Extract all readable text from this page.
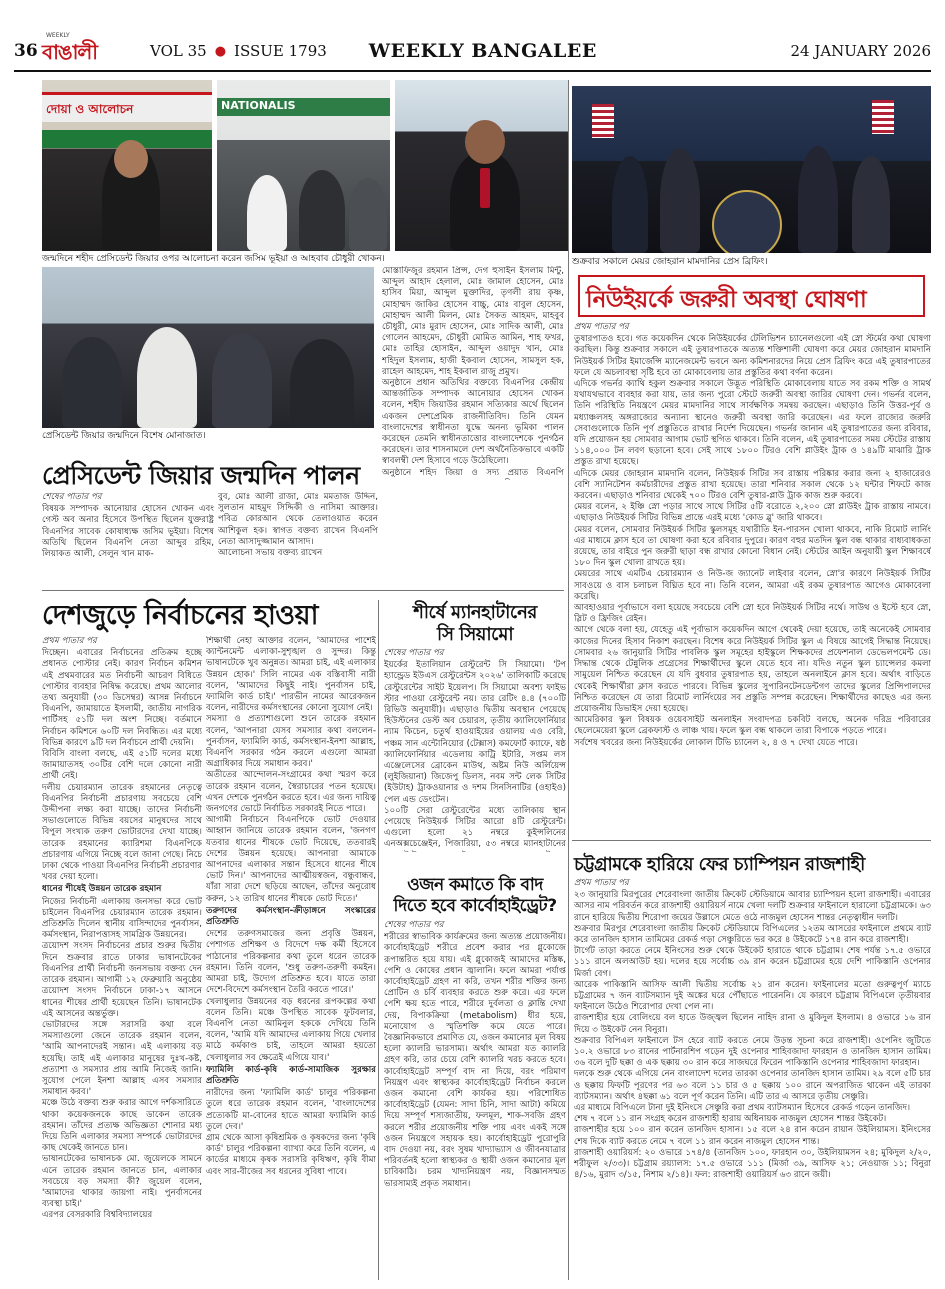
36
WEEKLY
বাঙালী	VOL 35 ● ISSUE 1793 WEEKLY BANGALEE	24 JANUARY 2026
দোয়া ও আলোচন	NATIONALIS
জন্মদিনে শহীদ প্রেসিডেন্ট জিয়ার ওপর আলোচনা করেন জসিম ভূইয়া ও আহবাব চৌধুরী খোকন।
প্রেসিডেন্ট জিয়ার জন্মদিনে বিশেষ মোনাজাত।
শুক্রবার সকালে মেয়র জোহরান মামদানির প্রেস ব্রিফিং।

মোস্তাফিজুর রহমান প্রিন্স, দেগ হুসাইন ইসলাম মিন্টু, আব্দুল আহাদ হেলাল, মোঃ জামাল হোসেন, মোঃ হাসিব মিয়া, আব্দুল মুক্তাদির, তৃণলী রায় কৃষ্ণ, মোহাম্মদ জাকির হোসেন বাচ্চু, মোঃ বাবুল হোসেন, মোহাম্মদ আলী মিলন, মোঃ সৈকত আহমদ, মাহবুব চৌধুরী, মোঃ মুরাদ হোসেন, মোঃ সাদিক আলী, মোঃ গোলেন আহমেদ, চৌধুরী মোমিত আমিন, শাহ ফখর, মোঃ তাহির হোসাইন, আব্দুল ওয়াদুদ খান, মোঃ শহিদুল ইসলাম, হাজী ইকবাল হোসেন, সামসুল হক, রাহেল আহমেদ, শাহ ইকবাল রাজু প্রমুখ।
অনুষ্ঠানে প্রধান অতিথির বক্তব্যে বিএনপির কেন্দ্রীয় আন্তর্জাতিক সম্পাদক আনোয়ার হোসেন খোকন বলেন, শহীদ জিয়াউর রহমান সত্যিকার অর্থে ছিলেন একজন দেশপ্রেমিক রাজনীতিবিদ। তিনি যেমন বাংলাদেশের স্বাধীনতা যুদ্ধে অনন্য ভূমিকা পালন করেছেন তেমনি স্বাধীনতাত্তোর বাংলাদেশকে পুনর্গঠন করেছেন। তার শাসনামলে দেশ অর্থনৈতিকভাবে একটি স্বাবলম্বী দেশ হিসাবে গড়ে উঠেছিলো।
অনুষ্ঠানে শহিদ জিয়া ও সদ্য প্রয়াত বিএনপি

প্রেসিডেন্ট জিয়ার জন্মদিন পালন

শেষের পাতার পর

বিষয়ক সম্পাদক আনোয়ার হোসেন খোকন এবং গেস্ট অব অনার হিসেবে উপস্থিত ছিলেন যুক্তরাষ্ট্র বিএনপির সাবেক কোষাধ্যক্ষ জসিম ভূইয়া। বিশেষ অতিথি ছিলেন বিএনপি নেতা আব্দুর রহিম, লিয়াকত আলী, সেলুন খান মাক-

বুব, মোঃ আলী রাজা, মোঃ মমতাজ উদ্দিন, সুলতান মাহমুদ সিদ্দিকী ও নাসিমা আক্তার। পবিত্র কোরআন থেকে তেলাওয়াত করেন আশিকুল হক। স্বাগত বক্তব্য রাখেন বিএনপি নেতা আসাদুজ্জামান আসাদ।
আলোচনা সভায় বক্তব্য রাখেন

দেশজুড়ে নির্বাচনের হাওয়া

প্রথম পাতার পর

দিচ্ছেন। এবারের নির্বাচনের প্রতিক্রম হচ্ছে প্রধানত পোস্টার নেই। কারণ নির্বাচন কমিশন এই প্রথমবারের মত নির্বাচনী আচরণ বিধিতে পোস্টার ব্যবহার নিষিদ্ধ করেছে। প্রথম আলোর তথ্য অনুযায়ী (৩০ ডিসেম্বর) আসন্ন নির্বাচনে বিএনপি, জামায়াতে ইসলামী, জাতীয় নাগরিক পার্টিসহ ৫১টি দল অংশ নিচ্ছে। বর্তমানে নির্বাচন কমিশনে ৬০টি দল নিবন্ধিত। এর মধ্যে বিভিন্ন কারণে ৯টি দল নির্বাচনে প্রার্থী দেয়নি।
বিবিসি বাংলা বলছে, এই ৫১টি দলের মধ্যে জামায়াতসহ ৩০টির বেশি দলে কোনো নারী প্রার্থী নেই।
দলীয় চেয়ারম্যান তারেক রহমানের নেতৃত্বে বিএনপির নির্বাচনী প্রচারণায় সবচেয়ে বেশি উদ্দীপনা লক্ষ্য করা যাচ্ছে। তাদের নির্বাচনী সভাগুলোতে বিভিন্ন বয়সের মানুষদের সাথে বিপুল সংখ্যক তরুণ ভোটারদের দেখা যাচ্ছে। তারেক রহমানের ক্যারিশমা বিএনপিকে প্রচারণায় এগিয়ে নিচ্ছে বলে জানা গেছে। নিচে ঢাকা থেকে পাওয়া বিএনপির নির্বাচনী প্রচারণার খবর দেয়া হলো।

ধানের শীষেই উন্নয়ন তারেক রহমান

নিজের নির্বাচনী এলাকায় জনসভা করে ভোট চাইলেন বিএনপির চেয়ারম্যান তারেক রহমান। প্রতিশ্রুতি দিলেন স্থানীয় বাসিন্দাদের পুনর্বাসন, কর্মসংস্থান, নিরাপত্তাসহ সামগ্রিক উন্নয়নের।
ত্রয়োদশ সংসদ নির্বাচনের প্রচার শুরুর দ্বিতীয় দিনে শুক্রবার রাতে ঢাকার ভাষানটেকের বিএনপির প্রার্থী নির্বাচনী জনসভায় বক্তব্য দেন তারেক রহমান। আগামী ১২ ফেব্রুয়ারি অনুষ্ঠেয় ত্রয়োদশ সংসদ নির্বাচনে ঢাকা-১৭ আসনে ধানের শীষের প্রার্থী হয়েছেন তিনি। ভাষানটেক এই আসনের অন্তর্ভুক্ত।
ভোটারদের সঙ্গে সরাসরি কথা বলে সমস্যাগুলো জেনে তারেক রহমান বলেন, 'আমি আপনাদেরই সন্তান। এই এলাকায় বড় হয়েছি। তাই এই এলাকার মানুষের দুঃখ-কষ্ট, প্রত্যাশা ও সমস্যার প্রায় আমি নিজেই জানি। সুযোগ পেলে ইনশা আল্লাহ এসব সমস্যার সমাধান করব।'
মঞ্চে উঠে বক্তব্য শুরু করার আগে দর্শকসারিতে থাকা কয়েকজনকে কাছে ডাকেন তারেক রহমান। তাঁদের প্রত্যক্ষ অভিজ্ঞতা শোনার মধ্য দিয়ে তিনি এলাকার সমস্যা সম্পর্কে ভোটারদের কাছ থেকেই জানতে চান।
ভাষানটেকের ভাষানচক মো. জুয়েলকে সামনে এনে তারেক রহমান জানতে চান, এলাকার সবচেয়ে বড় সমস্যা কী? জুয়েল বলেন, 'আমাদের থাকার জায়গা নাই। পুনর্বাসনের ব্যবস্থা চাই।'
এরপর বেসরকারি বিশ্ববিদ্যালয়ের

শিক্ষার্থী নেহা আক্তার বলেন, 'আমাদের পাশেই ক্যান্টনমেন্ট এলাকা-সুশৃঙ্খল ও সুন্দর। কিন্তু ভাষানটেকে খুব অনুন্নত। আমরা চাই, এই এলাকার উন্নয়ন হোক।' সিলি নামের এক বস্তিবাসী নারী বলেন, 'আমাদের কিছুই নাই। পুনর্বাসন চাই, ফ্যামিলি কার্ড চাই।' পারভীন নামের আরেকজন বলেন, নারীদের কর্মসংস্থানের কোনো সুযোগ নেই।
সমস্যা ও প্রত্যাশাগুলো শুনে তারেক রহমান বলেন, 'আপনারা যেসব সমস্যার কথা বললেন-পুনর্বাসন, ফ্যামিলি কার্ড, কর্মসংস্থান-ইনশা আল্লাহ, বিএনপি সরকার গঠন করলে এগুলো আমরা অগ্রাধিকার দিয়ে সমাধান করব।'
অতীতের আন্দোলন-সংগ্রামের কথা স্মরণ করে তারেক রহমান বলেন, স্বৈরাচারের পতন হয়েছে। এখন দেশকে পুনর্গঠন করতে হবে। এর জন্য দায়িত্ব জনগণের ভোটে নির্বাচিত সরকারই নিতে পারে।
আগামী নির্বাচনে বিএনপিকে ভোট দেওয়ার আহ্বান জানিয়ে তারেক রহমান বলেন, 'জনগণ যতবার ধানের শীষকে ভোট দিয়েছে, ততবারই দেশের উন্নয়ন হয়েছে। আপনারা আমাকে আপনাদের এলাকার সন্তান হিসেবে ধানের শীষে ভোট দিন।' আপনাদের আত্মীয়স্বজন, বন্ধুবান্ধব, যাঁরা সারা দেশে ছড়িয়ে আছেন, তাঁদের অনুরোধ করুন, ১২ তারিখ ধানের শীষকে ভোট দিতে।'

তরুণদের কর্মসংস্থান-ক্রীড়াঙ্গনে সংস্কারের প্রতিশ্রুতি

দেশের তরুণসমাজের জন্য প্রবৃত্তি উন্নয়ন, পেশাগত প্রশিক্ষণ ও বিদেশে দক্ষ কর্মী হিসেবে পাঠানোর পরিকল্পনার কথা তুলে ধরেন তারেক রহমান। তিনি বলেন, 'শুধু তরুণ-তরুণী কমইন। আমরা চাই, উদ্যেগ প্রতিশ্রুত হবে। যাতে তারা দেশে-বিদেশে কর্মসংস্থান তৈরি করতে পারে।'
খেলাধুলার উন্নয়নের বড় ধরনের রূপকল্পের কথা বলেন তিনি। মঞ্চে উপস্থিত সাবেক ফুটবলার, বিএনপি নেতা আমিনুল হককে দেখিয়ে তিনি বলেন, 'আমি যদি আমাদের এলাকায় গিয়ে খেলার মাঠে কর্মকাণ্ড চাই, তাহলে আমরা হয়তো খেলাধুলার সব ক্ষেত্রেই এগিয়ে যাব।'

ফ্যামিলি কার্ড-কৃষি কার্ড-সামাজিক সুরক্ষার প্রতিশ্রুতি

নারীদের জন্য 'ফ্যামিলি কার্ড' চালুর পরিকল্পনা তুলে ধরে তারেক রহমান বলেন, 'বাংলাদেশের প্রত্যেকটি মা-বোনের হাতে আমরা ফ্যামিলি কার্ড তুলে দেব।'
গ্রাম থেকে আসা কৃষিশ্রমিক ও কৃষকদের জন্য 'কৃষি কার্ড' চালুর পরিকল্পনা ব্যাখ্যা করে তিনি বলেন, এ কার্ডের মাধ্যমে কৃষক সরাসরি কৃষিঋণ, কৃষি বীমা এবং সার-বীজের সব ধরনের সুবিধা পাবে।

শীর্ষে ম্যানহাটানের
সি সিয়ামো

শেষের পাতার পর

ইয়র্কের ইতালিয়ান রেস্টুরেন্ট সি সিয়ামো। 'টপ হ্যান্ড্রেড ইউএস রেস্টুরেন্টস ২০২৬' তালিকাটি করেছে রেস্টুরেন্টের সাইট ইয়েলপ। সি সিয়ামো অবশ্য ফাইভ স্টার পাওয়া রেস্টুরেন্ট নয়। তার রেটিং ৪.৪ (৭০০টি রিভিউ অনুযায়ী)। এছাড়াও দ্বিতীয় অবস্থান পেয়েছে হিউস্টনের ডেস্ট অব চেয়ারস, তৃতীয় ক্যালিফোর্নিয়ার ন্যাম কিচেন, চতুর্থ হাওয়াইয়ের ওয়ালয় এও বেরি, পঞ্চম সান এন্টোনিয়োর (টেক্সাস) কমফোর্ট ক্যাফে, ষষ্ঠ ক্যালিফোর্নিয়ার এডেলায় কাট্রি ইটারি, সপ্তম লস এঞ্জেলেসের ব্রোকেন মাউথ, অষ্টম নিউ অর্লিয়েন্স (লুইজিয়ানা) জিজেপু ডিলস, নবম সন্ট লেক সিটির (ইউটাহ) ট্রাকওয়ানার ও দশম সিনসিনাটির (ওহাইও) পেল এন্ড ডেংটেন।
১০০টি সেরা রেস্টুরেন্টের মধ্যে তালিকায় স্থান পেয়েছে নিউইয়র্ক সিটির আরো ৪টি রেস্টুরেন্ট। এগুলো হলো ২১ নম্বরে কুইন্সলিনের এনঅক্সচেঞ্জেইন, পিজারিয়া, ৫৩ নম্বরে ম্যানহাটানের

ওজন কমাতে কি বাদ
দিতে হবে কার্বোহাইড্রেট?

শেষের পাতার পর

শরীরের স্বাভাবিক কার্যক্রমের জন্য অত্যন্ত প্রয়োজনীয়। কার্বোহাইড্রেট শরীরে প্রবেশ করার পর গ্লুকোজে রূপান্তরিত হয়ে যায়। এই গ্লুকোজই আমাদের মস্তিষ্ক, পেশি ও কোষের প্রধান জ্বালানি। ফলে আমরা পর্যাপ্ত কার্বোহাইড্রেট গ্রহণ না করি, তখন শরীর শক্তির জন্য প্রোটিন ও চর্বি ব্যবহার করতে শুরু করে। এর ফলে পেশি ক্ষয় হতে পারে, শরীরে দুর্বলতা ও ক্লান্তি দেখা দেয়, বিপাকক্রিয়া (metabolism) ধীর হয়ে, মনোযোগ ও স্মৃতিশক্তি কমে যেতে পারে। বৈজ্ঞানিকভাবে প্রমাণিত যে, ওজন কমানোর মূল বিষয় হলো ক্যালরি ভারসাম্য। অর্থাৎ আমরা যত ক্যালরি গ্রহণ করি, তার চেয়ে বেশি ক্যালরি খরচ করতে হবে। কার্বোহাইড্রেট সম্পূর্ণ বাদ না দিয়ে, বরং পরিমাণ নিয়ন্ত্রণ এবং স্বাস্থ্যকর কার্বোহাইড্রেট নির্বাচন করলে ওজন কমানো বেশি কার্যকর হয়। পরিশোধিত কার্বোহাইড্রেট (যেমন: সাদা চিনি, সাদা আটা) কমিয়ে দিয়ে সম্পূর্ণ শস্যজাতীয়, ফলমূল, শাক-সবজি গ্রহণ করলে শরীর প্রয়োজনীয় শক্তি পায় এবং একই সঙ্গে ওজন নিয়ন্ত্রণে সহায়ক হয়। কার্বোহাইড্রেট পুরোপুরি বাদ দেওয়া নয়, বরং সুষম খাদ্যাভ্যাস ও জীবনযাত্রার পরিবর্তনই হলো স্বাস্থ্যকর ও স্থায়ী ওজন কমানোর মূল চাবিকাঠি। চরম খাদ্যনিয়ন্ত্রণ নয়, বিজ্ঞানসম্মত ভারসাম্যই প্রকৃত সমাধান।

নিউইয়র্কে জরুরী অবস্থা ঘোষণা

প্রথম পাতার পর

তুষারপাতও হবে। গত কয়েকদিন থেকে নিউইয়র্কের টেলিভিশন চ্যানেলগুলো এই স্নো স্টর্মের কথা ঘোষণা করছিল। কিন্তু শুক্রবার সকালে এই তুষারপাতকে অত্যন্ত শক্তিশালী ঘোষণা করে মেয়র জোহরান মামদানি নিউইয়র্ক সিটির ইমার্জেন্সি ম্যানেজমেন্ট ভবনে অন্য কমিশনারদের নিয়ে প্রেস ব্রিফিং করে এই তুষারপাতের ফলে যে অচলাবস্থা সৃষ্টি হবে তা মোকাবেলায় তার প্রস্তুতির কথা বর্ণনা করেন।
এদিকে গভর্নর ক্যাথি হকুল শুক্রবার সকালে উদ্ভূত পরিস্থিতি মোকাবেলায় যাতে সব রকম শক্তি ও সামর্থ যথাযথভাবে ব্যবহার করা যায়, তার জন্য পুরো স্টেটে জরুরী অবস্থা জারির ঘোষণা দেন। গভর্নর বলেন, তিনি পরিস্থিতি নিয়ন্ত্রণে মেয়র মামদানির সাথে সার্বক্ষণিক সমন্বয় করছেন। এছাড়াও তিনি উত্তর-পূর্ব ও মধ্যাঞ্চলসহ অঙ্গরাজ্যের অন্যান্য স্থানেও জরুরী অবস্থা জারি করেছেন। এর ফলে রাজ্যের জরুরি সেবাগুলোকে তিনি পূর্ণ প্রস্তুতিতে রাখার নির্দেশ দিয়েছেন। গভর্নর জানান এই তুষারপাতের জন্য রবিবার, যদি প্রয়োজন হয় সোমবার আগাম ভোট স্থগিত থাকবে। তিনি বলেন, এই তুষারপাতের সময় স্টেটের রাস্তায় ১১৪,০০০ টন লবণ ছড়ানো হবে। সেই সাথে ১৮০০ টিরও বেশি প্লাউইং ট্রাক ও ১৪৯টি মাঝারি ট্রাক প্রস্তুত রাখা হয়েছে।
এদিকে মেয়র জোহরান মামদানি বলেন, নিউইয়র্ক সিটির সব রাস্তায় পরিষ্কার করার জন্য ২ হাজারেরও বেশি স্যানিটেশন কর্মচারীদের প্রস্তুত রাখা হয়েছে। তারা শনিবার সকাল থেকে ১২ ঘন্টার শিফটে কাজ করবেন। এছাড়াও শনিবার থেকেই ৭০০ টিরও বেশি তুষার-প্লাউ ট্রাক কাজ শুরু করবে।
মেয়র বলেন, ২ ইঞ্চি স্নো পড়ার সাথে সাথে সিটির ৫টি বরোতে ২,২০০ স্নো প্লাউইং ট্রাক রাস্তায় নামবে। এছাড়াও নিউইয়র্ক সিটির বিভিন্ন প্রান্তে এরই মধ্যে 'কোড ব্লু' জারি থাকবে।
মেয়র বলেন, সোমবার নিউইয়র্ক সিটির স্কুলসমূহ যথারীতি ইন-পারসন খোলা থাকবে, নাকি রিমোট লার্নিং এর মাধ্যমে ক্লাস হবে তা ঘোষণা করা হবে রবিবার দুপুরে। কারণ বহুর মতদিন স্কুল বন্ধ থাকার বাধ্যবাধকতা রয়েছে, তার বাইরে পুন জরুরী ছাড়া বন্ধ রাখার কোনো বিধান নেই। স্টেটের আইন অনুযায়ী স্কুল শিক্ষাবর্ষে ১৮০ দিন স্কুল খোলা রাখতে হয়।
মেয়রের সাথে এমটিএ চেয়ারম্যান ও নিউ-জ জ্যানেট লাইবার বলেন, স্নো'র কারণে নিউইয়র্ক সিটির সাবওয়ে ও বাস চলাচল বিঘ্নিত হবে না। তিনি বলেন, আমরা এই রকম তুষারপাত আগেও মোকাবেলা করেছি।
আবহাওয়ার পূর্বাভাসে বলা হয়েছে সবচেয়ে বেশি স্নো হবে নিউইয়র্ক সিটির নর্থে। সাউথ ও ইস্টে হবে স্নো, স্লিট ও ফ্রিজিং রেইন।
আগে থেকে বলা হয়, যেহেতু এই পূর্বাভাস কয়েকদিন আগে থেকেই দেয়া হয়েছে, তাই অনেকেই সোমবার কাজের দিনের হিসাব নিকাশ করছেন। বিশেষ করে নিউইয়র্ক সিটির স্কুল এ বিষয়ে আগেই সিদ্ধান্ত নিয়েছে। সোমবার ২৬ জানুয়ারি সিটির পাবলিক স্কুল সমূহের হাইস্কুলে শিক্ষকদের প্রফেশনাল ডেভেলপমেন্ট ডে। সিদ্ধান্ত থেকে টেন্নুলিক প্রগ্রেসের শিক্ষার্থীদের স্কুলে যেতে হবে না। যদিও নতুন স্কুল চ্যান্সেলর কমলা সামুয়েল নিশ্চিত করেছেন যে যদি বুধবার তুষারপাত হয়, তাহলে অনলাইনে ক্লাস হবে। অর্থাৎ বাড়িতে থেকেই শিক্ষার্থীরা ক্লাস করতে পারবে। বিভিন্ন স্কুলের সুপারিনটেনডেন্টগণ তাদের স্কুলের প্রিন্সিপালদের নিশ্চিত করেছেন যে তারা রিমোট লার্নিংয়ের সব প্রস্তুতি সম্পন্ন করেছেন। শিক্ষার্থীদের কাছেও এর জন্য প্রয়োজনীয় ডিভাইস দেয়া হয়েছে।
আমেরিকার স্কুল বিষয়ক ওয়েবসাইট অনলাইন সংবাদপত্র চকবিট বলছে, অনেক দরিদ্র পরিবারের ছেলেমেয়েরা স্কুলে ব্রেকফাস্ট ও লাঞ্চ খায়। ফলে স্কুল বন্ধ থাকলে তারা বিপাকে পড়তে পারে।
সর্বশেষ খবরের জন্য নিউইয়র্কের লোকাল টিভি চ্যানেল ২, ৪ ও ৭ দেখা যেতে পারে।

চট্টগ্রামকে হারিয়ে ফের চ্যাম্পিয়ন রাজশাহী

প্রথম পাতার পর

২৩ জানুয়ারি মিরপুরের শেরেবাংলা জাতীয় ক্রিকেট স্টেডিয়ামে আবার চ্যাম্পিয়ন হলো রাজশাহী। এবারের আসর নাম পরিবর্তন করে রাজশাহী ওয়ারিয়র্স নামে খেলা দলটি শুক্রবার ফাইনালে হারালো চট্টগ্রামকে। ৬৩ রানে হারিয়ে দ্বিতীয় শিরোপা জয়ের উল্লাসে মেতে ওঠে নাজমুল হোসেন শান্তর নেতৃত্বাধীন দলটি।
শুক্রবার মিরপুর শেরেবাংলা জাতীয় ক্রিকেট স্টেডিয়ামে বিপিএলের ১২তম আসরের ফাইনালে প্রথমে ব্যাট করে তানজিদ হাসান তামিমের রেকর্ড গড়া সেঞ্চুরিতে ভর করে ৪ উইকেটে ১৭৪ রান করে রাজশাহী।
টার্গেট তাড়া করতে নেমে ইনিংসের শুরু থেকে উইকেট হারাতে থাকে চট্টগ্রাম। শেষ পর্যন্ত ১৭.৫ ওভারে ১১১ রানে অলআউট হয়। দলের হয়ে সর্বোচ্চ ৩৯ রান করেন চট্টগ্রামের হয়ে দেশি পাকিস্তানি ওপেনার মির্জা বেগ।
আরেক পাকিস্তানি আসিফ আলী দ্বিতীয় সর্বোচ্চ ২১ রান করেন। ফাইনালের মতো গুরুত্বপূর্ণ ম্যাচে চট্টগ্রামের ৭ জন ব্যাটসম্যান দুই অঙ্কের ঘরে পৌঁছাতে পারেননি। যে কারণে চট্টগ্রাম বিপিএলে তৃতীয়বার ফাইনালে উঠেও শিরোপার দেখা পেল না।
রাজশাহীর হয়ে বোলিংয়ে বল হাতে উজ্জ্বল ছিলেন নাহিদ রানা ও মুকিদুল ইসলাম। ৪ ওভারে ১৬ রান দিয়ে ৩ উইকেট নেন বিনুরা।
শুক্রবার বিপিএল ফাইনালে টস হেরে ব্যাট করতে নেমে উড়ন্ত সূচনা করে রাজশাহী। ওপেনিং জুটিতে ১০.২ ওভারে ৮৩ রানের পার্টনারশিপ গড়েন দুই ওপেনার শাহিবজাদা ফারহান ও তানজিদ হাসান তামিম। ৩৬ বলে দুটি ছক্কা ও এক ছক্কায় ৩০ রান করে সাজঘরে ফিরেন পাকিস্তানি ওপেনার শাহিবজাদা ফারহান।
দলকে শুরু থেকে এগিয়ে নেন বাংলাদেশ দলের তারকা ওপেনার তানজিদ হাসান তামিম। ২৯ বলে ৫টি চার ও ছক্কায় ফিফটি পূরণের পর ৬৩ বলে ১১ চার ও ৫ ছক্কায় ১০০ রানে অপরাজিত থাকেন এই তারকা ব্যাটসম্যান। অর্থাৎ ৪ছক্কা ৬১ বলে পূর্ণ করেন তিনি। এটি তার এ আসরে তৃতীয় সেঞ্চুরি।
এর মাধ্যমে বিপিএলে টানা দুই ইনিংসে সেঞ্চুরি করা প্রথম ব্যাটসম্যান হিসেবে রেকর্ড গড়েন তানজিদ।
শেষ ৭ বলে ১১ রান সংগ্রহ করেন রাজশাহী হারায় অধিনায়ক নাজমুল হোসেন শান্তর উইকেট।
রাজশাহীর হয়ে ১০০ রান করেন তানজিদ হাসান। ১৫ বলে ২৪ রান করেন রায়ান উইলিয়ামস। ইনিংসের শেষ দিকে ব্যাট করতে নেমে ৭ বলে ১১ রান করেন নাজমুল হোসেন শান্ত।
রাজশাহী ওয়ারিয়র্স: ২০ ওভারে ১৭৪/৪ (তানজিদ ১০০, ফারহান ৩০, উইলিয়ামসন ২৪; মুকিদুল ২/২০, শরীফুল ২/৩৩)। চট্টগ্রাম রয়্যালস: ১৭.৫ ওভারে ১১১ (মির্জা ৩৯, আসিফ ২১; নেওয়াজ ১১; বিনুরা ৪/১৬, মুরাদ ৩/১৫, নিশাম ২/১৪)। ফল: রাজশাহী ওয়ারিয়র্স ৬৩ রানে জয়ী।
